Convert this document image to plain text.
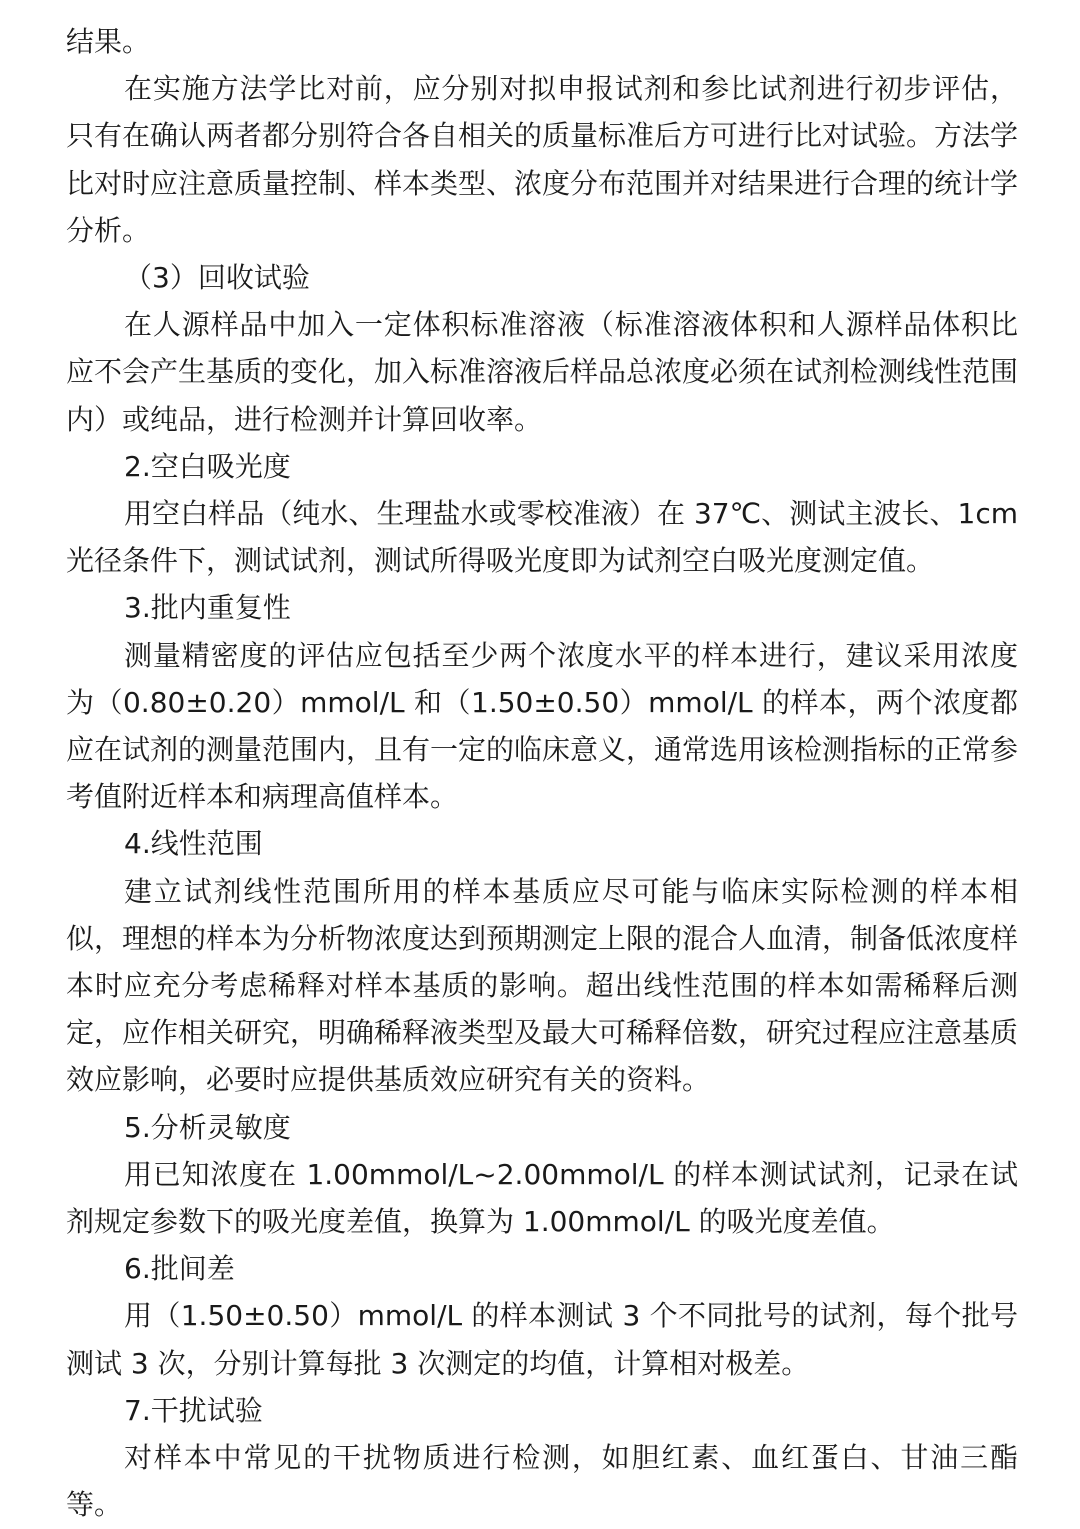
结果。

在实施方法学比对前，应分别对拟申报试剂和参比试剂进行初步评估，只有在确认两者都分别符合各自相关的质量标准后方可进行比对试验。方法学比对时应注意质量控制、样本类型、浓度分布范围并对结果进行合理的统计学分析。

（3）回收试验

在人源样品中加入一定体积标准溶液（标准溶液体积和人源样品体积比应不会产生基质的变化，加入标准溶液后样品总浓度必须在试剂检测线性范围内）或纯品，进行检测并计算回收率。

2.空白吸光度

用空白样品（纯水、生理盐水或零校准液）在 37℃、测试主波长、1cm 光径条件下，测试试剂，测试所得吸光度即为试剂空白吸光度测定值。

3.批内重复性

测量精密度的评估应包括至少两个浓度水平的样本进行，建议采用浓度为（0.80±0.20）mmol/L 和（1.50±0.50）mmol/L 的样本，两个浓度都应在试剂的测量范围内，且有一定的临床意义，通常选用该检测指标的正常参考值附近样本和病理高值样本。

4.线性范围

建立试剂线性范围所用的样本基质应尽可能与临床实际检测的样本相似，理想的样本为分析物浓度达到预期测定上限的混合人血清，制备低浓度样本时应充分考虑稀释对样本基质的影响。超出线性范围的样本如需稀释后测定，应作相关研究，明确稀释液类型及最大可稀释倍数，研究过程应注意基质效应影响，必要时应提供基质效应研究有关的资料。

5.分析灵敏度

用已知浓度在 1.00mmol/L~2.00mmol/L 的样本测试试剂，记录在试剂规定参数下的吸光度差值，换算为 1.00mmol/L 的吸光度差值。

6.批间差

用（1.50±0.50）mmol/L 的样本测试 3 个不同批号的试剂，每个批号测试 3 次，分别计算每批 3 次测定的均值，计算相对极差。

7.干扰试验

对样本中常见的干扰物质进行检测，如胆红素、血红蛋白、甘油三酯等。
